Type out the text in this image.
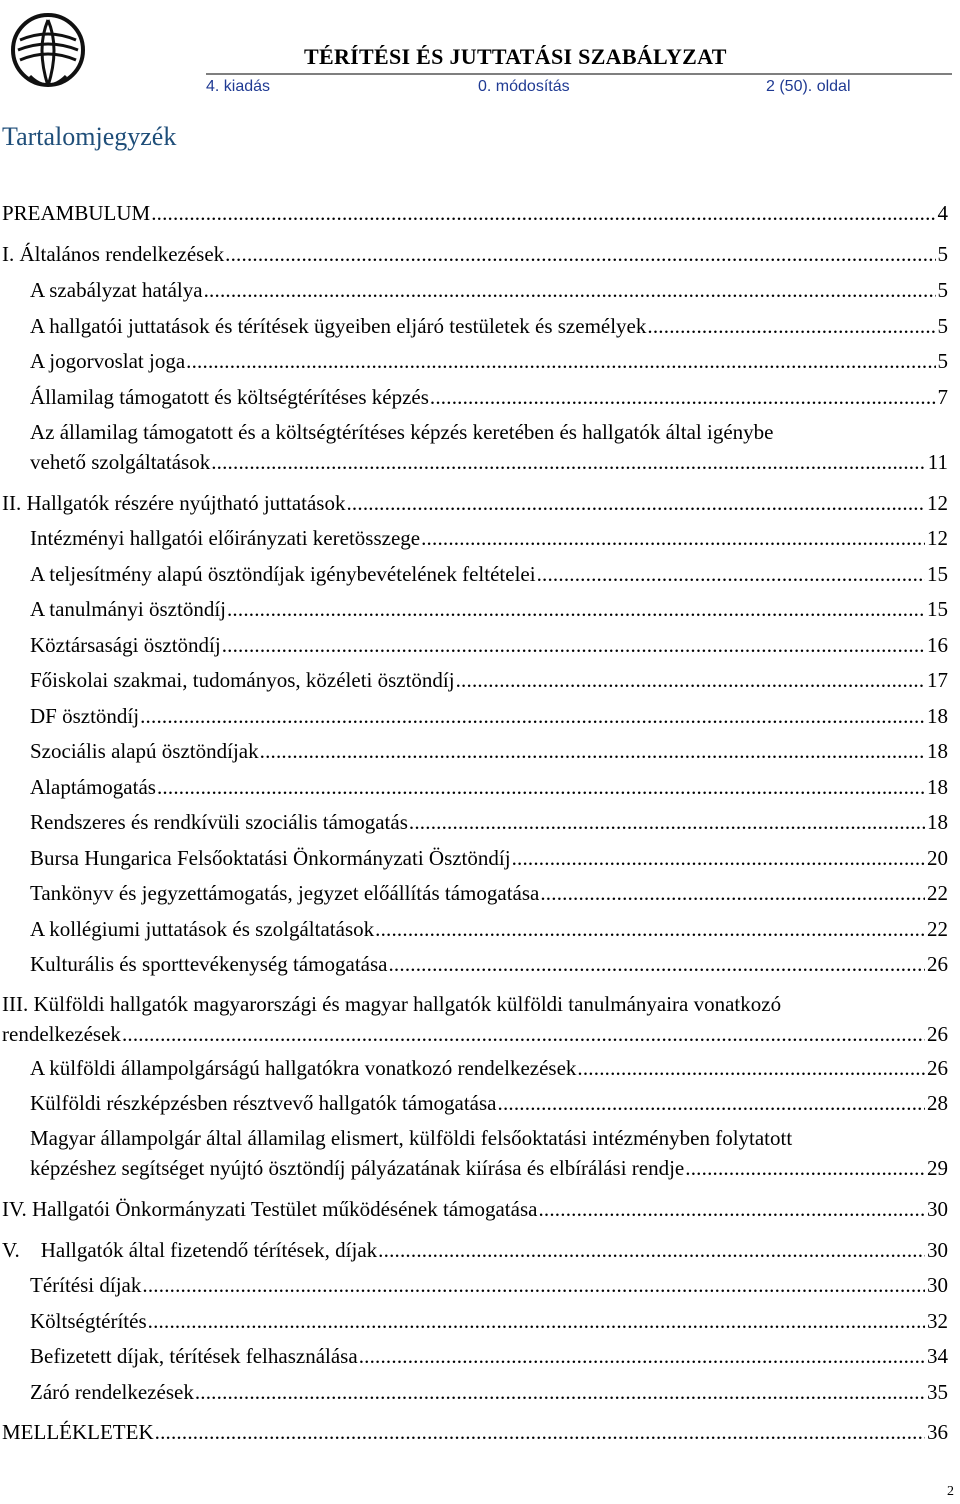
TÉRÍTÉSI ÉS JUTTATÁSI SZABÁLYZAT
4. kiadás	0. módosítás	2 (50). oldal
Tartalomjegyzék
PREAMBULUM .....	4
I. Általános rendelkezések .....	5
A szabályzat hatálya .....	5
A hallgatói juttatások és térítések ügyeiben eljáró testületek és személyek .....	5
A jogorvoslat joga .....	5
Államilag támogatott és költségtérítéses képzés .....	7
Az államilag támogatott és a költségtérítéses képzés keretében és hallgatók által igénybe
vehető szolgáltatások .....	11
II. Hallgatók részére nyújtható juttatások .....	12
Intézményi hallgatói előirányzati keretösszege .....	12
A teljesítmény alapú ösztöndíjak igénybevételének feltételei .....	15
A tanulmányi ösztöndíj .....	15
Köztársasági ösztöndíj .....	16
Főiskolai szakmai, tudományos, közéleti ösztöndíj .....	17
DF ösztöndíj .....	18
Szociális alapú ösztöndíjak .....	18
Alaptámogatás .....	18
Rendszeres és rendkívüli szociális támogatás .....	18
Bursa Hungarica Felsőoktatási Önkormányzati Ösztöndíj .....	20
Tankönyv és jegyzettámogatás, jegyzet előállítás támogatása .....	22
A kollégiumi juttatások és szolgáltatások .....	22
Kulturális és sporttevékenység támogatása .....	26
III. Külföldi hallgatók magyarországi és magyar hallgatók külföldi tanulmányaira vonatkozó
rendelkezések .....	26
A külföldi állampolgárságú hallgatókra vonatkozó rendelkezések .....	26
Külföldi részképzésben résztvevő hallgatók támogatása .....	28
Magyar állampolgár által államilag elismert, külföldi felsőoktatási intézményben folytatott
képzéshez segítséget nyújtó ösztöndíj pályázatának kiírása és elbírálási rendje .....	29
IV. Hallgatói Önkormányzati Testület működésének támogatása .....	30
V.    Hallgatók által fizetendő térítések, díjak .....	30
Térítési díjak .....	30
Költségtérítés .....	32
Befizetett díjak, térítések felhasználása .....	34
Záró rendelkezések .....	35
MELLÉKLETEK .....	36
2
